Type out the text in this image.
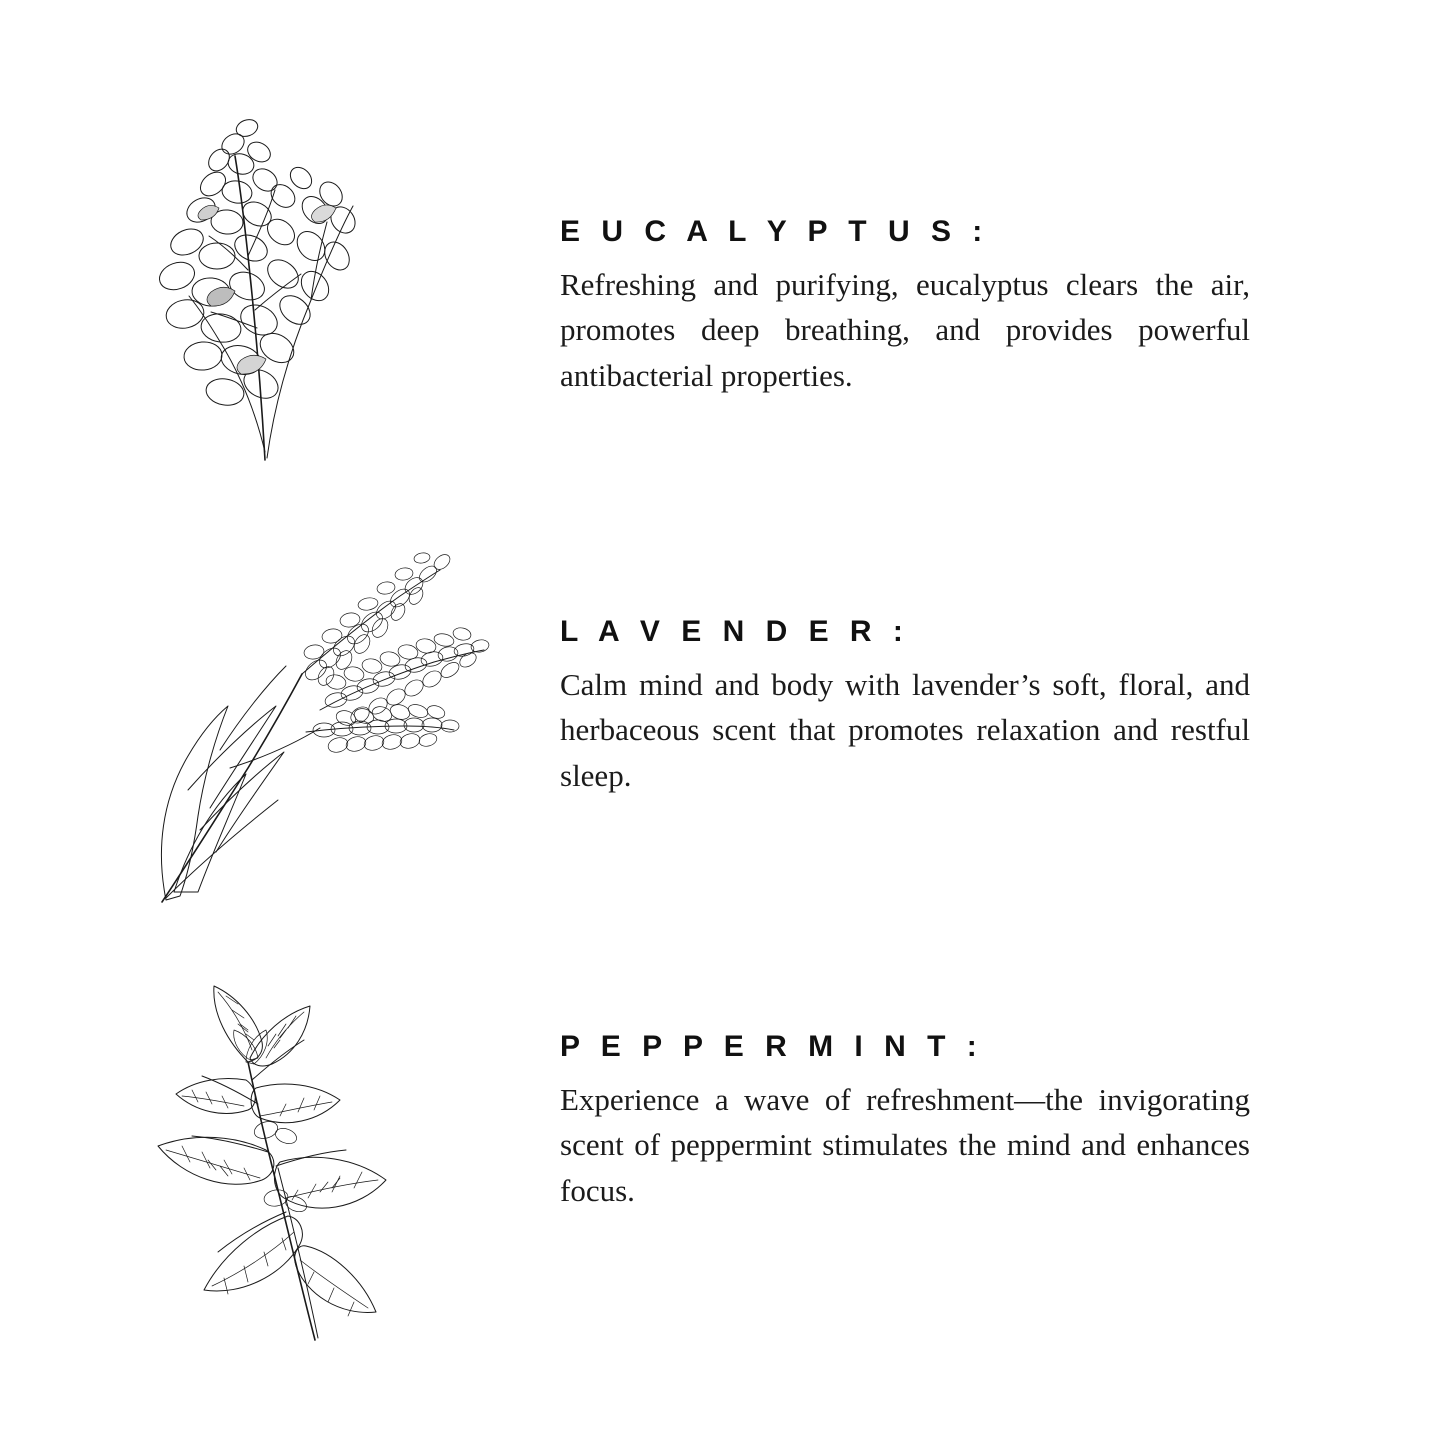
E U C A L Y P T U S :

Refreshing and purifying, eucalyptus clears the air, promotes deep breathing, and provides powerful antibacterial properties.

L A V E N D E R :

Calm mind and body with lavender’s soft, floral, and herbaceous scent that promotes relaxation and restful sleep.

P E P P E R M I N T :

Experience a wave of refreshment—the invigorating scent of peppermint stimulates the mind and enhances focus.
